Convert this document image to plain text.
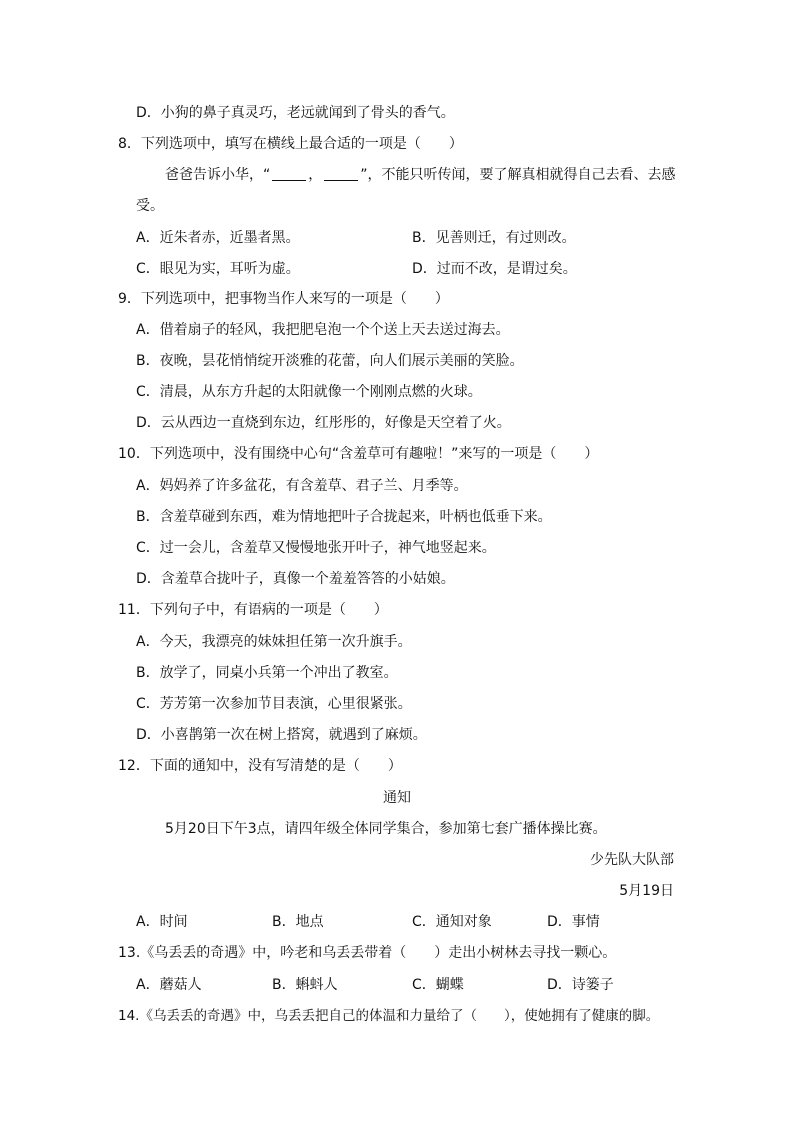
D．小狗的鼻子真灵巧，老远就闻到了骨头的香气。
8．下列选项中，填写在横线上最合适的一项是（　　）
爸爸告诉小华，“	，	”，不能只听传闻，要了解真相就得自己去看、去感
受。
A．近朱者赤，近墨者黑。	B．见善则迁，有过则改。
C．眼见为实，耳听为虚。	D．过而不改，是谓过矣。
9．下列选项中，把事物当作人来写的一项是（　　）
A．借着扇子的轻风，我把肥皂泡一个个送上天去送过海去。
B．夜晚，昙花悄悄绽开淡雅的花蕾，向人们展示美丽的笑脸。
C．清晨，从东方升起的太阳就像一个刚刚点燃的火球。
D．云从西边一直烧到东边，红彤彤的，好像是天空着了火。
10．下列选项中，没有围绕中心句“含羞草可有趣啦！”来写的一项是（　　）
A．妈妈养了许多盆花，有含羞草、君子兰、月季等。
B．含羞草碰到东西，难为情地把叶子合拢起来，叶柄也低垂下来。
C．过一会儿，含羞草又慢慢地张开叶子，神气地竖起来。
D．含羞草合拢叶子，真像一个羞羞答答的小姑娘。
11．下列句子中，有语病的一项是（　　）
A．今天，我漂亮的妹妹担任第一次升旗手。
B．放学了，同桌小兵第一个冲出了教室。
C．芳芳第一次参加节目表演，心里很紧张。
D．小喜鹊第一次在树上搭窝，就遇到了麻烦。
12．下面的通知中，没有写清楚的是（　　）
通知
5月20日下午3点，请四年级全体同学集合，参加第七套广播体操比赛。
少先队大队部
5月19日
A．时间	B．地点	C．通知对象	D．事情
13.《乌丢丢的奇遇》中，吟老和乌丢丢带着（　　）走出小树林去寻找一颗心。
A．蘑菇人	B．蝌蚪人	C．蝴蝶	D．诗篓子
14.《乌丢丢的奇遇》中，乌丢丢把自己的体温和力量给了（　　），使她拥有了健康的脚。
